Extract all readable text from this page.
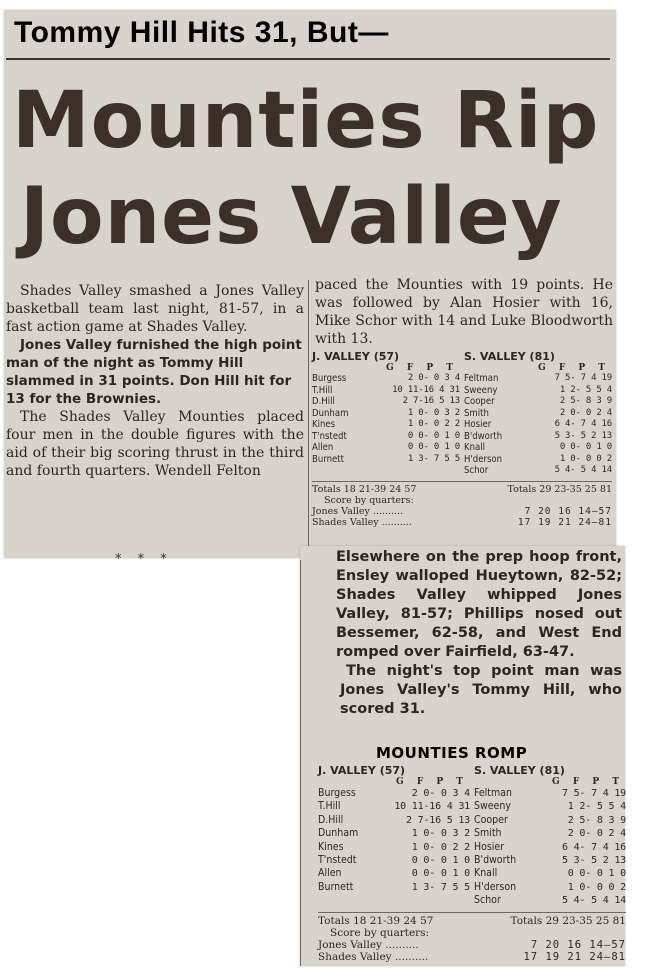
Tommy Hill Hits 31, But—
Mounties Rip
Jones Valley

Shades Valley smashed a Jones Valley basketball team last night, 81-57, in a fast action game at Shades Valley.

Jones Valley furnished the high point man of the night as Tommy Hill slammed in 31 points. Don Hill hit for 13 for the Brownies.

The Shades Valley Mounties placed four men in the double figures with the aid of their big scoring thrust in the third and fourth quarters. Wendell Felton

paced the Mounties with 19 points. He was followed by Alan Hosier with 16, Mike Schor with 14 and Luke Bloodworth with 13.

J. VALLEY (57)
G F P T
Burgess	2 0- 0 3 4
T.Hill	10 11-16 4 31
D.Hill	2 7-16 5 13
Dunham	1 0- 0 3 2
Kines	1 0- 0 2 2
T'nstedt	0 0- 0 1 0
Allen	0 0- 0 1 0
Burnett	1 3- 7 5 5
S. VALLEY (81)
G F P T
Feltman	7 5- 7 4 19
Sweeny	1 2- 5 5 4
Cooper	2 5- 8 3 9
Smith	2 0- 0 2 4
Hosier	6 4- 7 4 16
B'dworth	5 3- 5 2 13
Knall	0 0- 0 1 0
H'derson	1 0- 0 0 2
Schor	5 4- 5 4 14
Totals 18 21-39 24 57	Totals 29 23-35 25 81
Score by quarters:
Jones Valley ..........	7 20 16 14—57
Shades Valley ..........	17 19 21 24—81
* * *	Elsewhere on the prep hoop front, Ensley walloped Hueytown, 82-52; Shades Valley whipped Jones Valley, 81-57; Phillips nosed out Bessemer, 62-58, and West End romped over Fairfield, 63-47.

The night's top point man was Jones Valley's Tommy Hill, who scored 31.

MOUNTIES ROMP
J. VALLEY (57)
G F P T
Burgess	2 0- 0 3 4
T.Hill	10 11-16 4 31
D.Hill	2 7-16 5 13
Dunham	1 0- 0 3 2
Kines	1 0- 0 2 2
T'nstedt	0 0- 0 1 0
Allen	0 0- 0 1 0
Burnett	1 3- 7 5 5
S. VALLEY (81)
G F P T
Feltman	7 5- 7 4 19
Sweeny	1 2- 5 5 4
Cooper	2 5- 8 3 9
Smith	2 0- 0 2 4
Hosier	6 4- 7 4 16
B'dworth	5 3- 5 2 13
Knall	0 0- 0 1 0
H'derson	1 0- 0 0 2
Schor	5 4- 5 4 14
Totals 18 21-39 24 57	Totals 29 23-35 25 81
Score by quarters:
Jones Valley ..........	7 20 16 14—57
Shades Valley ..........	17 19 21 24—81
